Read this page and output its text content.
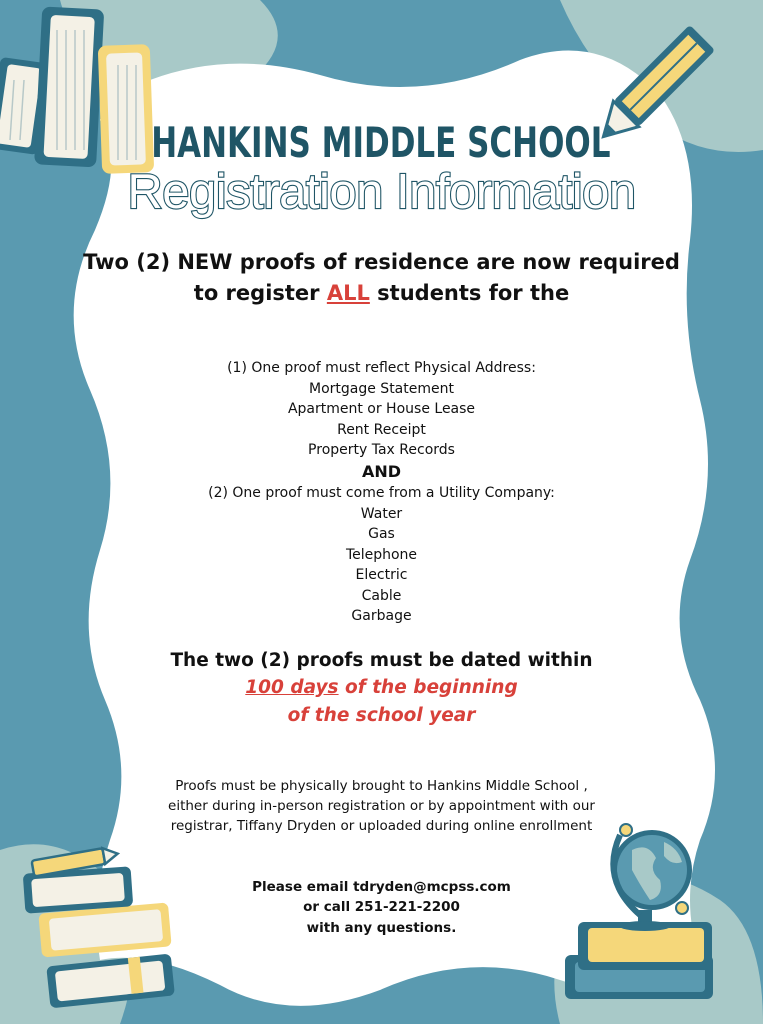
HANKINS MIDDLE SCHOOL
Registration Information
Two (2) NEW proofs of residence are now required
to register ALL students for the
(1) One proof must reflect Physical Address:
Mortgage Statement
Apartment or House Lease
Rent Receipt
Property Tax Records
AND
(2) One proof must come from a Utility Company:
Water
Gas
Telephone
Electric
Cable
Garbage
The two (2) proofs must be dated within
100 days of the beginning
of the school year
Proofs must be physically brought to Hankins Middle School ,
either during in-person registration or by appointment with our
registrar, Tiffany Dryden or uploaded during online enrollment
Please email tdryden@mcpss.com
or call 251-221-2200
with any questions.
